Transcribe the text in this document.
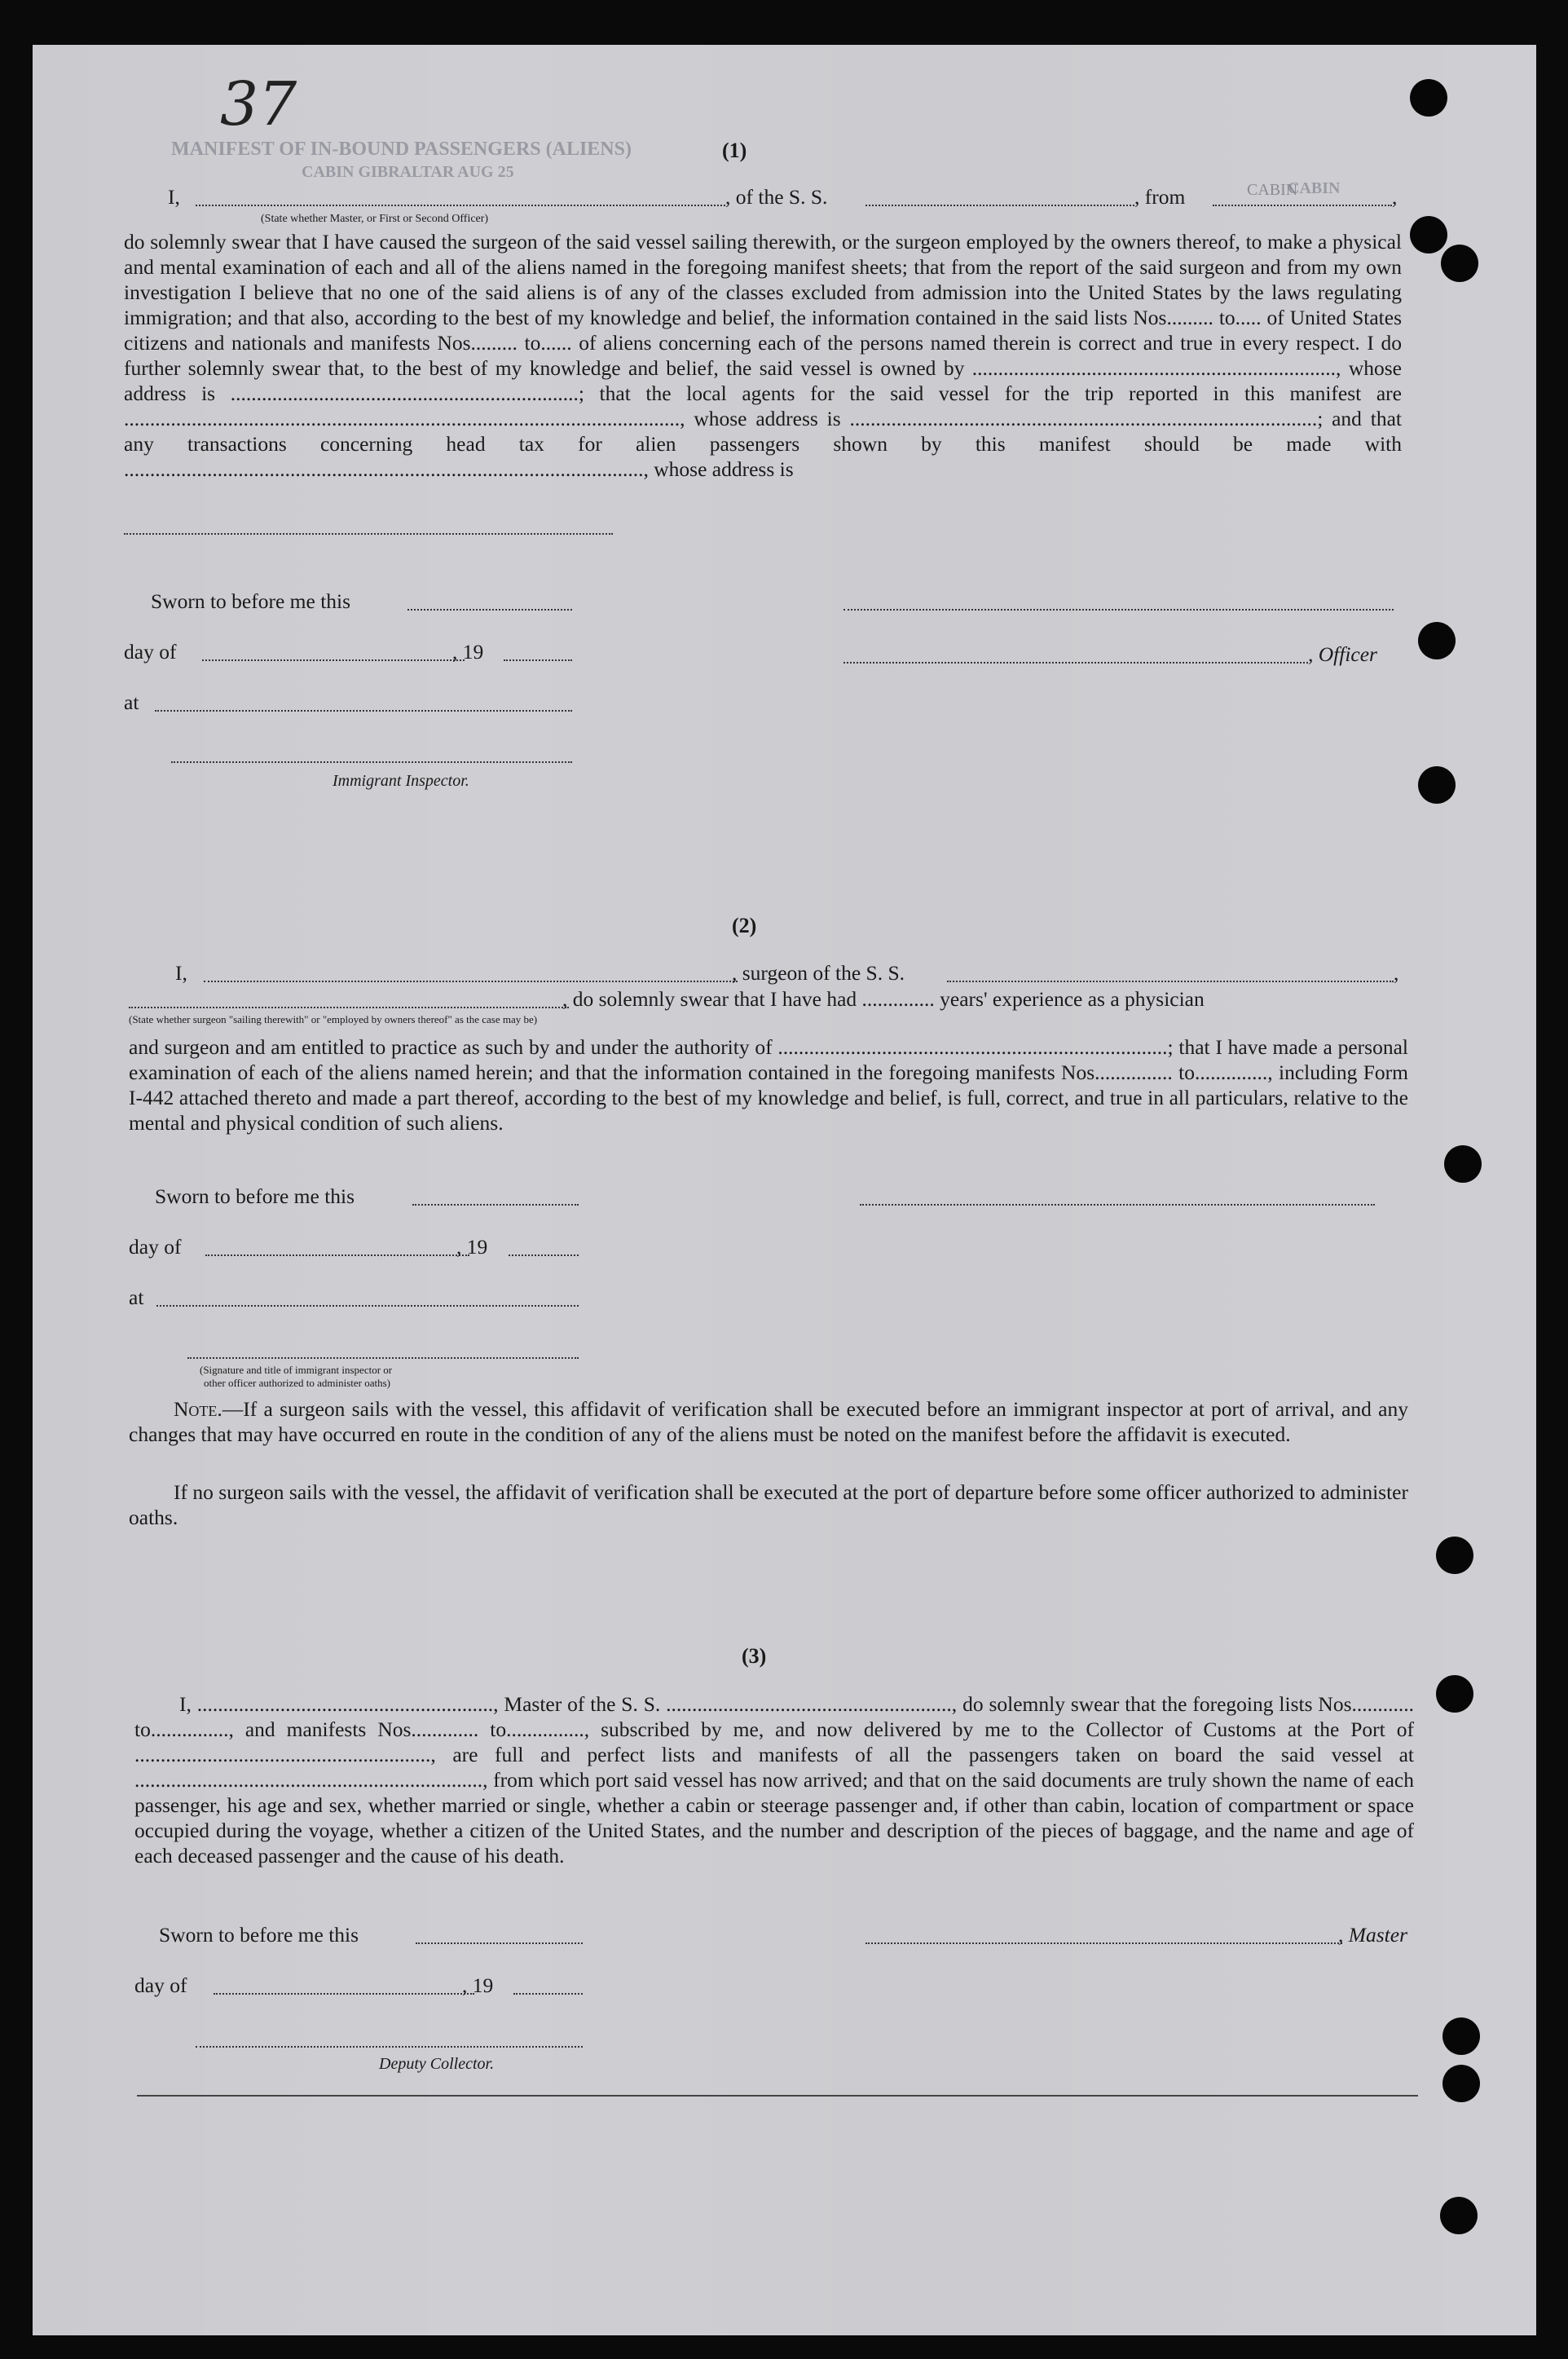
MANIFEST OF IN-BOUND PASSENGERS (ALIENS)
CABIN GIBRALTAR AUG 25
CABIN
37
(1)
I,	, of the S. S.	, from	CABIN	,
(State whether Master, or First or Second Officer)

do solemnly swear that I have caused the surgeon of the said vessel sailing therewith, or the surgeon employed by the owners thereof, to make a physical and mental examination of each and all of the aliens named in the foregoing manifest sheets; that from the report of the said surgeon and from my own investigation I believe that no one of the said aliens is of any of the classes excluded from admission into the United States by the laws regulating immigration; and that also, according to the best of my knowledge and belief, the information contained in the said lists Nos......... to..... of United States citizens and nationals and manifests Nos......... to...... of aliens concerning each of the persons named therein is correct and true in every respect. I do further solemnly swear that, to the best of my knowledge and belief, the said vessel is owned by ......................................................................, whose address is ...................................................................; that the local agents for the said vessel for the trip reported in this manifest are ..........................................................................................................., whose address is ..........................................................................................; and that any transactions concerning head tax for alien passengers shown by this manifest should be made with ...................................................................................................., whose address is

Sworn to before me this
day of	, 19	, Officer
at
Immigrant Inspector.
(2)
I,	, surgeon of the S. S.	,
, do solemnly swear that I have had .............. years' experience as a physician
(State whether surgeon "sailing therewith" or "employed by owners thereof" as the case may be)

and surgeon and am entitled to practice as such by and under the authority of ...........................................................................; that I have made a personal examination of each of the aliens named herein; and that the information contained in the foregoing manifests Nos............... to.............., including Form I-442 attached thereto and made a part thereof, according to the best of my knowledge and belief, is full, correct, and true in all particulars, relative to the mental and physical condition of such aliens.

Sworn to before me this
day of	, 19
at
(Signature and title of immigrant inspector or
other officer authorized to administer oaths)

Note.—If a surgeon sails with the vessel, this affidavit of verification shall be executed before an immigrant inspector at port of arrival, and any changes that may have occurred en route in the condition of any of the aliens must be noted on the manifest before the affidavit is executed.

If no surgeon sails with the vessel, the affidavit of verification shall be executed at the port of departure before some officer authorized to administer oaths.

(3)

I, ........................................................., Master of the S. S. ......................................................., do solemnly swear that the foregoing lists Nos............ to..............., and manifests Nos............. to..............., subscribed by me, and now delivered by me to the Collector of Customs at the Port of ........................................................., are full and perfect lists and manifests of all the passengers taken on board the said vessel at ..................................................................., from which port said vessel has now arrived; and that on the said documents are truly shown the name of each passenger, his age and sex, whether married or single, whether a cabin or steerage passenger and, if other than cabin, location of compartment or space occupied during the voyage, whether a citizen of the United States, and the number and description of the pieces of baggage, and the name and age of each deceased passenger and the cause of his death.

Sworn to before me this	, Master
day of	, 19
Deputy Collector.
